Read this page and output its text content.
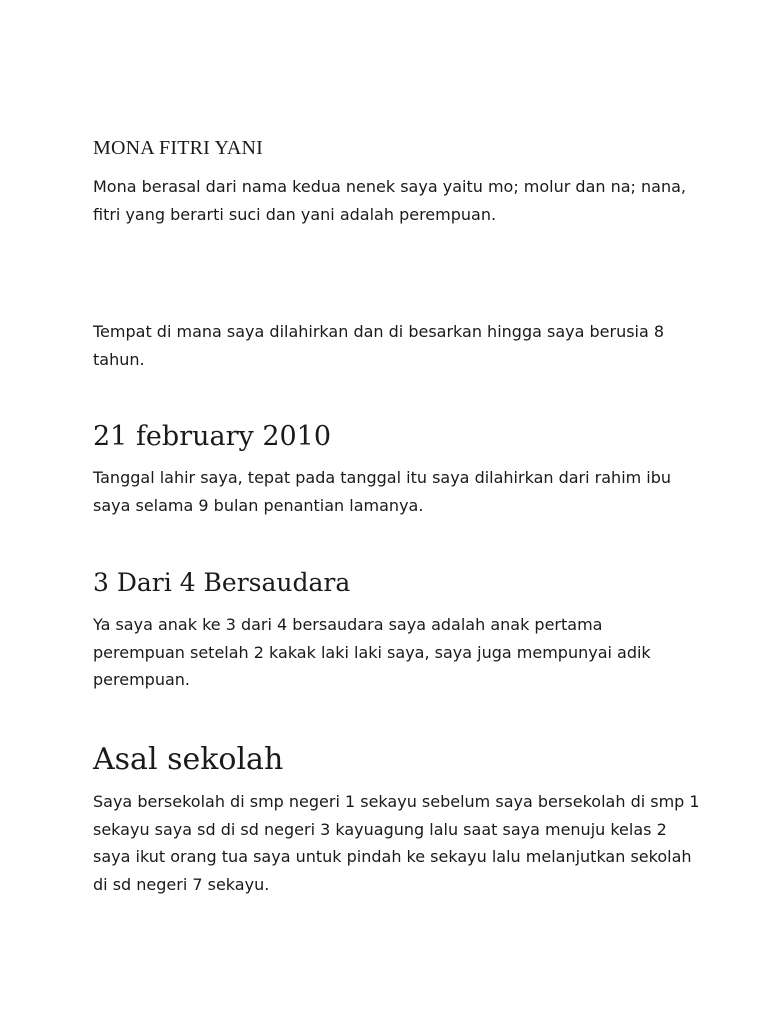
MONA FITRI YANI

Mona berasal dari nama kedua nenek saya yaitu mo; molur dan na; nana, fitri yang berarti suci dan yani adalah perempuan.

Tempat di mana saya dilahirkan dan di besarkan hingga saya berusia 8 tahun.

21 february 2010

Tanggal lahir saya, tepat pada tanggal itu saya dilahirkan dari rahim ibu saya selama 9 bulan penantian lamanya.

3 Dari 4 Bersaudara

Ya saya anak ke 3 dari 4 bersaudara saya adalah anak pertama perempuan setelah 2 kakak laki laki saya, saya juga mempunyai adik perempuan.

Asal sekolah

Saya bersekolah di smp negeri 1 sekayu sebelum saya bersekolah di smp 1 sekayu saya sd di sd negeri 3 kayuagung lalu saat saya menuju kelas 2 saya ikut orang tua saya untuk pindah ke sekayu lalu melanjutkan sekolah di sd negeri 7 sekayu.
